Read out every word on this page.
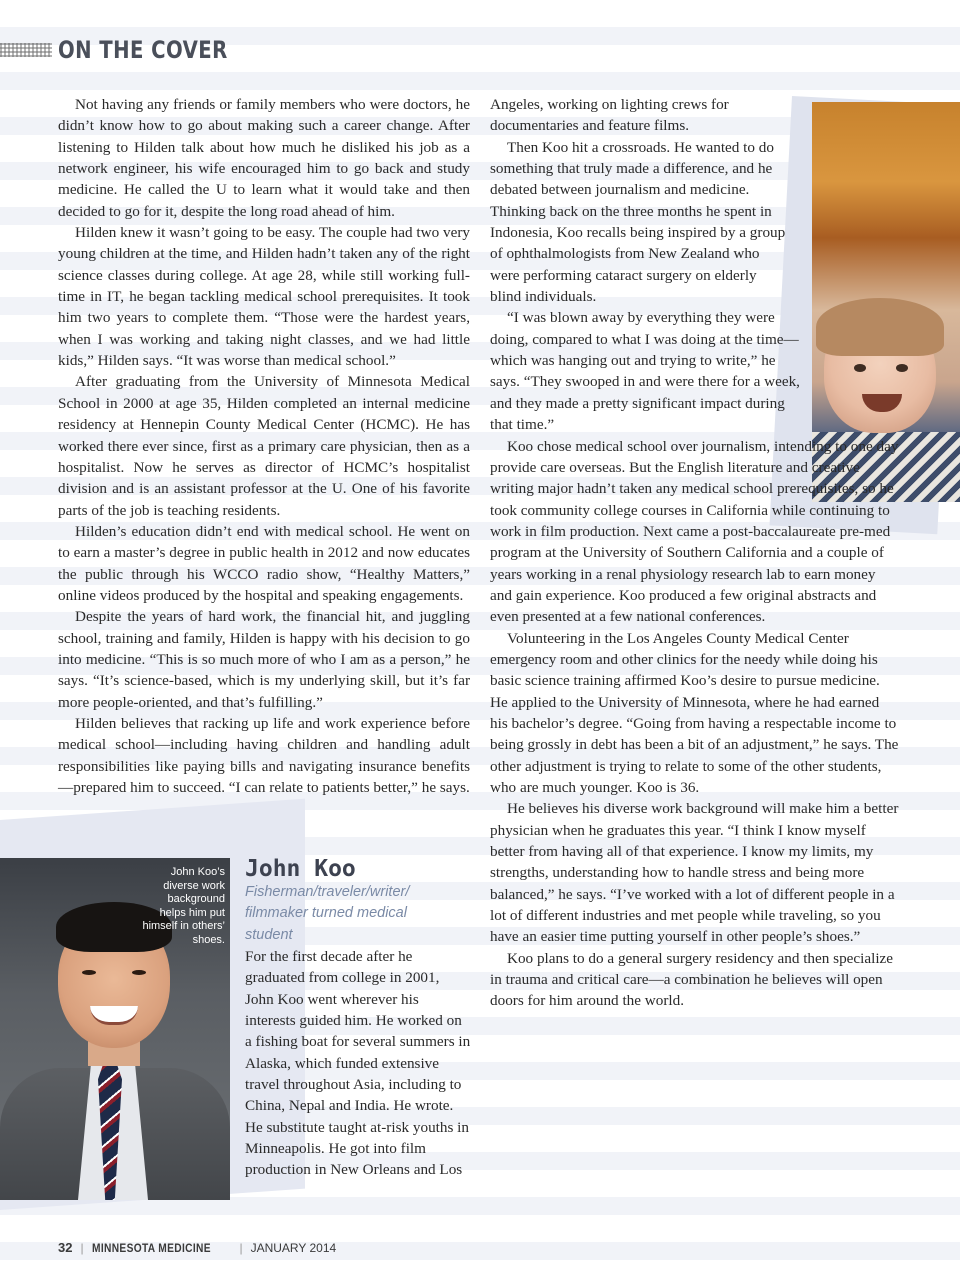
ON THE COVER

Not having any friends or family members who were doctors, he didn’t know how to go about making such a career change. After listening to Hilden talk about how much he disliked his job as a network engineer, his wife encouraged him to go back and study medicine. He called the U to learn what it would take and then decided to go for it, despite the long road ahead of him.

Hilden knew it wasn’t going to be easy. The couple had two very young children at the time, and Hilden hadn’t taken any of the right science classes during college. At age 28, while still working full-time in IT, he began tackling medical school prerequisites. It took him two years to complete them. “Those were the hardest years, when I was working and taking night classes, and we had little kids,” Hilden says. “It was worse than medical school.”

After graduating from the University of Minnesota Medical School in 2000 at age 35, Hilden completed an internal medicine residency at Hennepin County Medical Center (HCMC). He has worked there ever since, first as a primary care physician, then as a hospitalist. Now he serves as director of HCMC’s hospitalist division and is an assistant professor at the U. One of his favorite parts of the job is teaching residents.

Hilden’s education didn’t end with medical school. He went on to earn a master’s degree in public health in 2012 and now educates the public through his WCCO radio show, “Healthy Matters,” online videos produced by the hospital and speaking engagements.

Despite the years of hard work, the financial hit, and juggling school, training and family, Hilden is happy with his decision to go into medicine. “This is so much more of who I am as a person,” he says. “It’s science-based, which is my underlying skill, but it’s far more people-oriented, and that’s fulfilling.”

Hilden believes that racking up life and work experience before medical school—including having children and handling adult responsibilities like paying bills and navigating insurance benefits—prepared him to succeed. “I can relate to patients better,” he says.

Angeles, working on lighting crews for documentaries and feature films.

Then Koo hit a crossroads. He wanted to do something that truly made a difference, and he debated between journalism and medicine. Thinking back on the three months he spent in Indonesia, Koo recalls being inspired by a group of ophthalmologists from New Zealand who were performing cataract surgery on elderly blind individuals.

“I was blown away by everything they were doing, compared to what I was doing at the time—which was hanging out and trying to write,” he says. “They swooped in and were there for a week, and they made a pretty significant impact during that time.”

Koo chose medical school over journalism, intending to one day provide care overseas. But the English literature and creative writing major hadn’t taken any medical school prerequisites, so he took community college courses in California while continuing to work in film production. Next came a post-baccalaureate pre-med program at the University of Southern California and a couple of years working in a renal physiology research lab to earn money and gain experience. Koo produced a few original abstracts and even presented at a few national conferences.

Volunteering in the Los Angeles County Medical Center emergency room and other clinics for the needy while doing his basic science training affirmed Koo’s desire to pursue medicine. He applied to the University of Minnesota, where he had earned his bachelor’s degree. “Going from having a respectable income to being grossly in debt has been a bit of an adjustment,” he says. The other adjustment is trying to relate to some of the other students, who are much younger. Koo is 36.

He believes his diverse work background will make him a better physician when he graduates this year. “I think I know myself better from having all of that experience. I know my limits, my strengths, understanding how to handle stress and being more balanced,” he says. “I’ve worked with a lot of different people in a lot of different industries and met people while traveling, so you have an easier time putting yourself in other people’s shoes.”

Koo plans to do a general surgery residency and then specialize in trauma and critical care—a combination he believes will open doors for him around the world.

John Koo’s diverse work background helps him put himself in others’ shoes.
John Koo
Fisherman/traveler/writer/ filmmaker turned medical student

For the first decade after he graduated from college in 2001, John Koo went wherever his interests guided him. He worked on a fishing boat for several summers in Alaska, which funded extensive travel throughout Asia, including to China, Nepal and India. He wrote. He substitute taught at-risk youths in Minneapolis. He got into film production in New Orleans and Los

32 | MINNESOTA MEDICINE | JANUARY 2014
